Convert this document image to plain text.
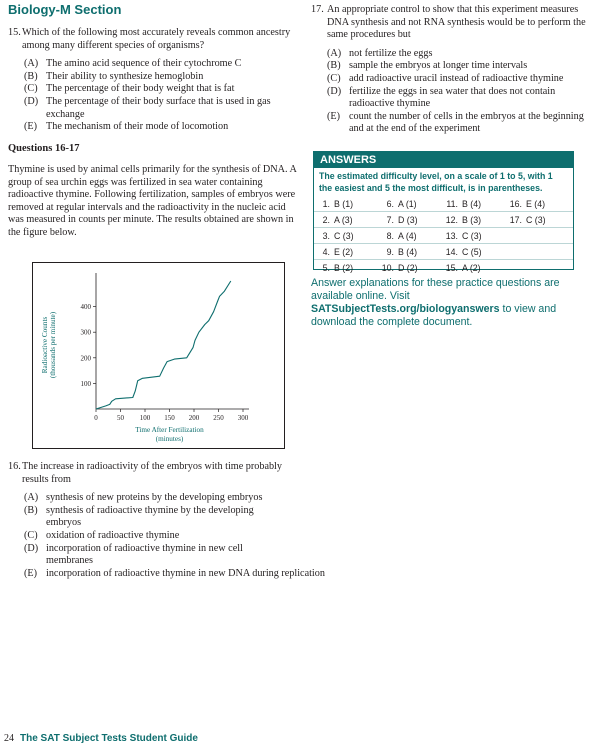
Biology-M Section
15. Which of the following most accurately reveals common ancestry among many different species of organisms?
(A) The amino acid sequence of their cytochrome C
(B) Their ability to synthesize hemoglobin
(C) The percentage of their body weight that is fat
(D) The percentage of their body surface that is used in gas exchange
(E) The mechanism of their mode of locomotion
Questions 16-17
Thymine is used by animal cells primarily for the synthesis of DNA. A group of sea urchin eggs was fertilized in sea water containing radioactive thymine. Following fertilization, samples of embryos were removed at regular intervals and the radioactivity in the nucleic acid was measured in counts per minute. The results obtained are shown in the figure below.
0	50 100 150 200 250 300
100
200
300
400
Time After Fertilization
(minutes)
Radioactive Counts (thousands per minute)
16. The increase in radioactivity of the embryos with time probably results from
(A) synthesis of new proteins by the developing embryos
(B) synthesis of radioactive thymine by the developing embryos
(C) oxidation of radioactive thymine
(D) incorporation of radioactive thymine in new cell membranes
(E) incorporation of radioactive thymine in new DNA during replication
17. An appropriate control to show that this experiment measures DNA synthesis and not RNA synthesis would be to perform the same procedures but
(A) not fertilize the eggs
(B) sample the embryos at longer time intervals
(C) add radioactive uracil instead of radioactive thymine
(D) fertilize the eggs in sea water that does not contain radioactive thymine
(E) count the number of cells in the embryos at the beginning and at the end of the experiment
ANSWERS
The estimated difficulty level, on a scale of 1 to 5, with 1 the easiest and 5 the most difficult, is in parentheses.
1. B (1)	6. A (1)	11. B (4)	16. E (4)
2. A (3)	7. D (3)	12. B (3)	17. C (3)
3. C (3)	8. A (4)	13. C (3)
4. E (2)	9. B (4)	14. C (5)
5. B (2)	10. D (2)	15. A (2)
Answer explanations for these practice questions are available online. Visit SATSubjectTests.org/biologyanswers to view and download the complete document.
24 The SAT Subject Tests Student Guide
